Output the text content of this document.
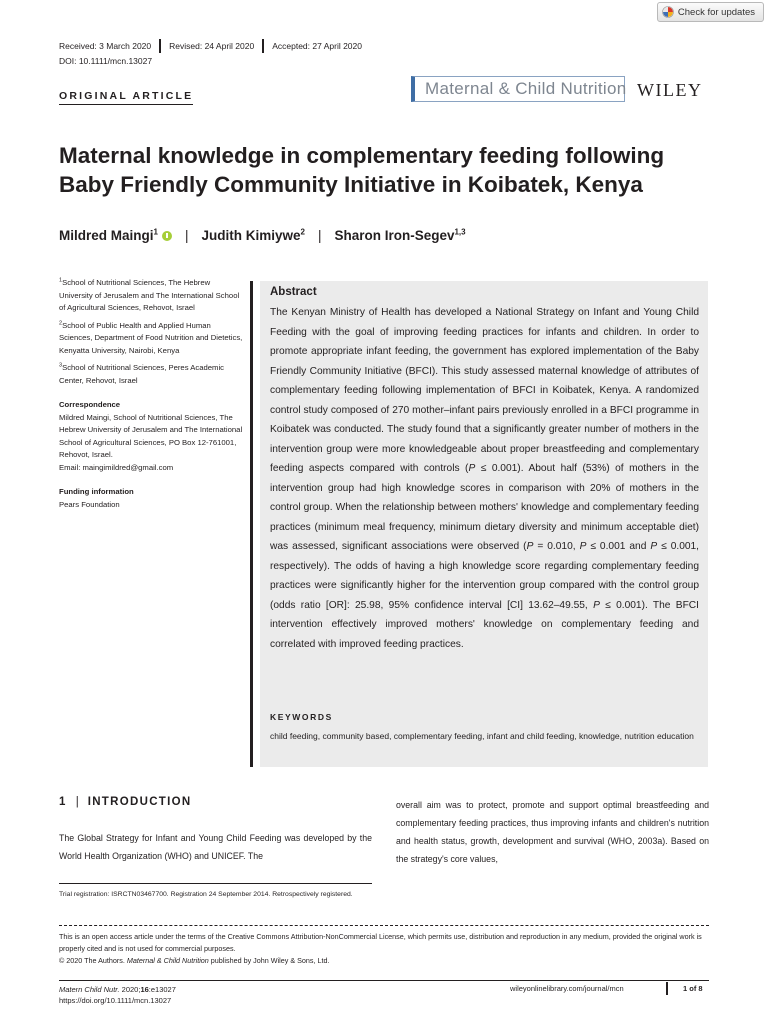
Check for updates
Received: 3 March 2020 Revised: 24 April 2020 Accepted: 27 April 2020
DOI: 10.1111/mcn.13027
ORIGINAL ARTICLE	Maternal & Child Nutrition WILEY
Maternal knowledge in complementary feeding following Baby Friendly Community Initiative in Koibatek, Kenya
Mildred Maingi$^1$ | Judith Kimiywe$^2$ | Sharon Iron-Segev$^{1,3}$

$^1$School of Nutritional Sciences, The Hebrew University of Jerusalem and The International School of Agricultural Sciences, Rehovot, Israel

$^2$School of Public Health and Applied Human Sciences, Department of Food Nutrition and Dietetics, Kenyatta University, Nairobi, Kenya

$^3$School of Nutritional Sciences, Peres Academic Center, Rehovot, Israel

Correspondence

Mildred Maingi, School of Nutritional Sciences, The Hebrew University of Jerusalem and The International School of Agricultural Sciences, PO Box 12-761001, Rehovot, Israel.

Email: maingimildred@gmail.com

Funding information

Pears Foundation

Abstract

The Kenyan Ministry of Health has developed a National Strategy on Infant and Young Child Feeding with the goal of improving feeding practices for infants and children. In order to promote appropriate infant feeding, the government has explored implementation of the Baby Friendly Community Initiative (BFCI). This study assessed maternal knowledge of attributes of complementary feeding following implementation of BFCI in Koibatek, Kenya. A randomized control study composed of 270 mother–infant pairs previously enrolled in a BFCI programme in Koibatek was conducted. The study found that a significantly greater number of mothers in the intervention group were more knowledgeable about proper breastfeeding and complementary feeding aspects compared with controls (P ≤ 0.001). About half (53%) of mothers in the intervention group had high knowledge scores in comparison with 20% of mothers in the control group. When the relationship between mothers' knowledge and complementary feeding practices (minimum meal frequency, minimum dietary diversity and minimum acceptable diet) was assessed, significant associations were observed (P = 0.010, P ≤ 0.001 and P ≤ 0.001, respectively). The odds of having a high knowledge score regarding complementary feeding practices were significantly higher for the intervention group compared with the control group (odds ratio [OR]: 25.98, 95% confidence interval [CI] 13.62–49.55, P ≤ 0.001). The BFCI intervention effectively improved mothers' knowledge on complementary feeding and correlated with improved feeding practices.

KEYWORDS

child feeding, community based, complementary feeding, infant and child feeding, knowledge, nutrition education

1 | INTRODUCTION

The Global Strategy for Infant and Young Child Feeding was developed by the World Health Organization (WHO) and UNICEF. The

overall aim was to protect, promote and support optimal breastfeeding and complementary feeding practices, thus improving infants and children's nutrition and health status, growth, development and survival (WHO, 2003a). Based on the strategy's core values,

Trial registration: ISRCTN03467700. Registration 24 September 2014. Retrospectively registered.

This is an open access article under the terms of the Creative Commons Attribution-NonCommercial License, which permits use, distribution and reproduction in any medium, provided the original work is properly cited and is not used for commercial purposes.
© 2020 The Authors. Maternal & Child Nutrition published by John Wiley & Sons, Ltd.

Matern Child Nutr. 2020;16:e13027
https://doi.org/10.1111/mcn.13027
wileyonlinelibrary.com/journal/mcn	1 of 8
